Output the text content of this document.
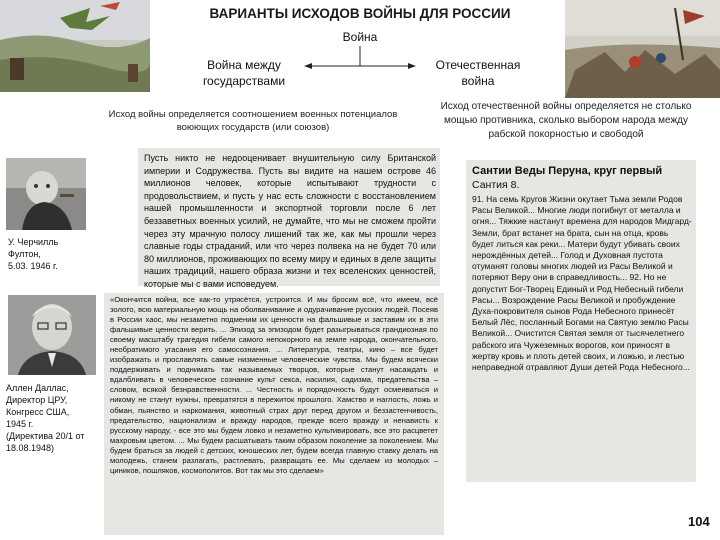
ВАРИАНТЫ ИСХОДОВ ВОЙНЫ ДЛЯ РОССИИ
Война
Война между государствами
Отечественная война
Исход войны определяется соотношением военных потенциалов воюющих государств (или союзов)
Исход отечественной войны определяется не столько мощью противника, сколько выбором народа между рабской покорностью и свободой
У. Черчилль
Фултон,
5.03. 1946 г.
Пусть никто не недооценивает внушительную силу Британской империи и Содружества. Пусть вы видите на нашем острове 46 миллионов человек, которые испытывают трудности с продовольствием, и пусть у нас есть сложности с восстановлением нашей промышленности и экспортной торговли после 6 лет беззаветных военных усилий, не думайте, что мы не сможем пройти через эту мрачную полосу лишений так же, как мы прошли через славные годы страданий, или что через полвека на не будет 70 или 80 миллионов, проживающих по всему миру и единых в деле защиты наших традиций, нашего образа жизни и тех вселенских ценностей, которые мы с вами исповедуем.
Аллен Даллас,
Директор ЦРУ,
Конгресс США,
1945 г.
(Директива 20/1 от
18.08.1948)
«Окончится война, все как-то утрясётся, устроится. И мы бросим всё, что имеем, всё золото, всю материальную мощь на оболванивание и одурачивание русских людей. Посеяв в России хаос, мы незаметно подменим их ценности на фальшивые и заставим их в эти фальшивые ценности верить. ... Эпизод за эпизодом будет разыгрываться грандиозная по своему масштабу трагедия гибели самого непокорного на земле народа, окончательного, необратимого угасания его самосознания. ... Литература, театры, кино – все будет изображать и прославлять самые низменные человеческие чувства. Мы будем всячески поддерживать и поднимать так называемых творцов, которые станут насаждать и вдалбливать в человеческое сознание культ секса, насилия, садизма, предательства – словом, всякой безнравственности. ... Честность и порядочность будут осмеиваться и никому не станут нужны, превратятся в пережиток прошлого. Хамство и наглость, ложь и обман, пьянство и наркомания, животный страх друг перед другом и беззастенчивость, предательство, национализм и вражду народов, прежде всего вражду и ненависть к русскому народу, - все это мы будем ловко и незаметно культивировать, все это расцветет махровым цветом. ... Мы будем расшатывать таким образом поколение за поколением. Мы будем браться за людей с детских, юношеских лет, будем всегда главную ставку делать на молодежь, станем разлагать, растлевать, развращать ее. Мы сделаем из молодых – циников, пошляков, космополитов. Вот так мы это сделаем»
Сантии Веды Перуна, круг первый
Сантия 8.
91. На семь Кругов Жизни окутает Тьма земли Родов Расы Великой... Многие люди погибнут от металла и огня... Тяжкие настанут времена для народов Мидгард-Земли, брат встанет на брата, сын на отца, кровь будет литься как реки... Матери будут убивать своих нерождённых детей... Голод и Духовная пустота отуманят головы многих людей из Расы Великой и потеряют Веру они в справедливость... 92. Но не допустит Бог-Творец Единый и Род Небесный гибели Расы... Возрождение Расы Великой и пробуждение Духа-покровителя сынов Рода Небесного принесёт Белый Лёс, посланный Богами на Святую землю Расы Великой... Очистится Святая земля от тысячелетнего рабского ига Чужеземных ворогов, кои приносят в жертву кровь и плоть детей своих, и ложью, и лестью неправедной отравляют Души детей Рода Небесного...
104
